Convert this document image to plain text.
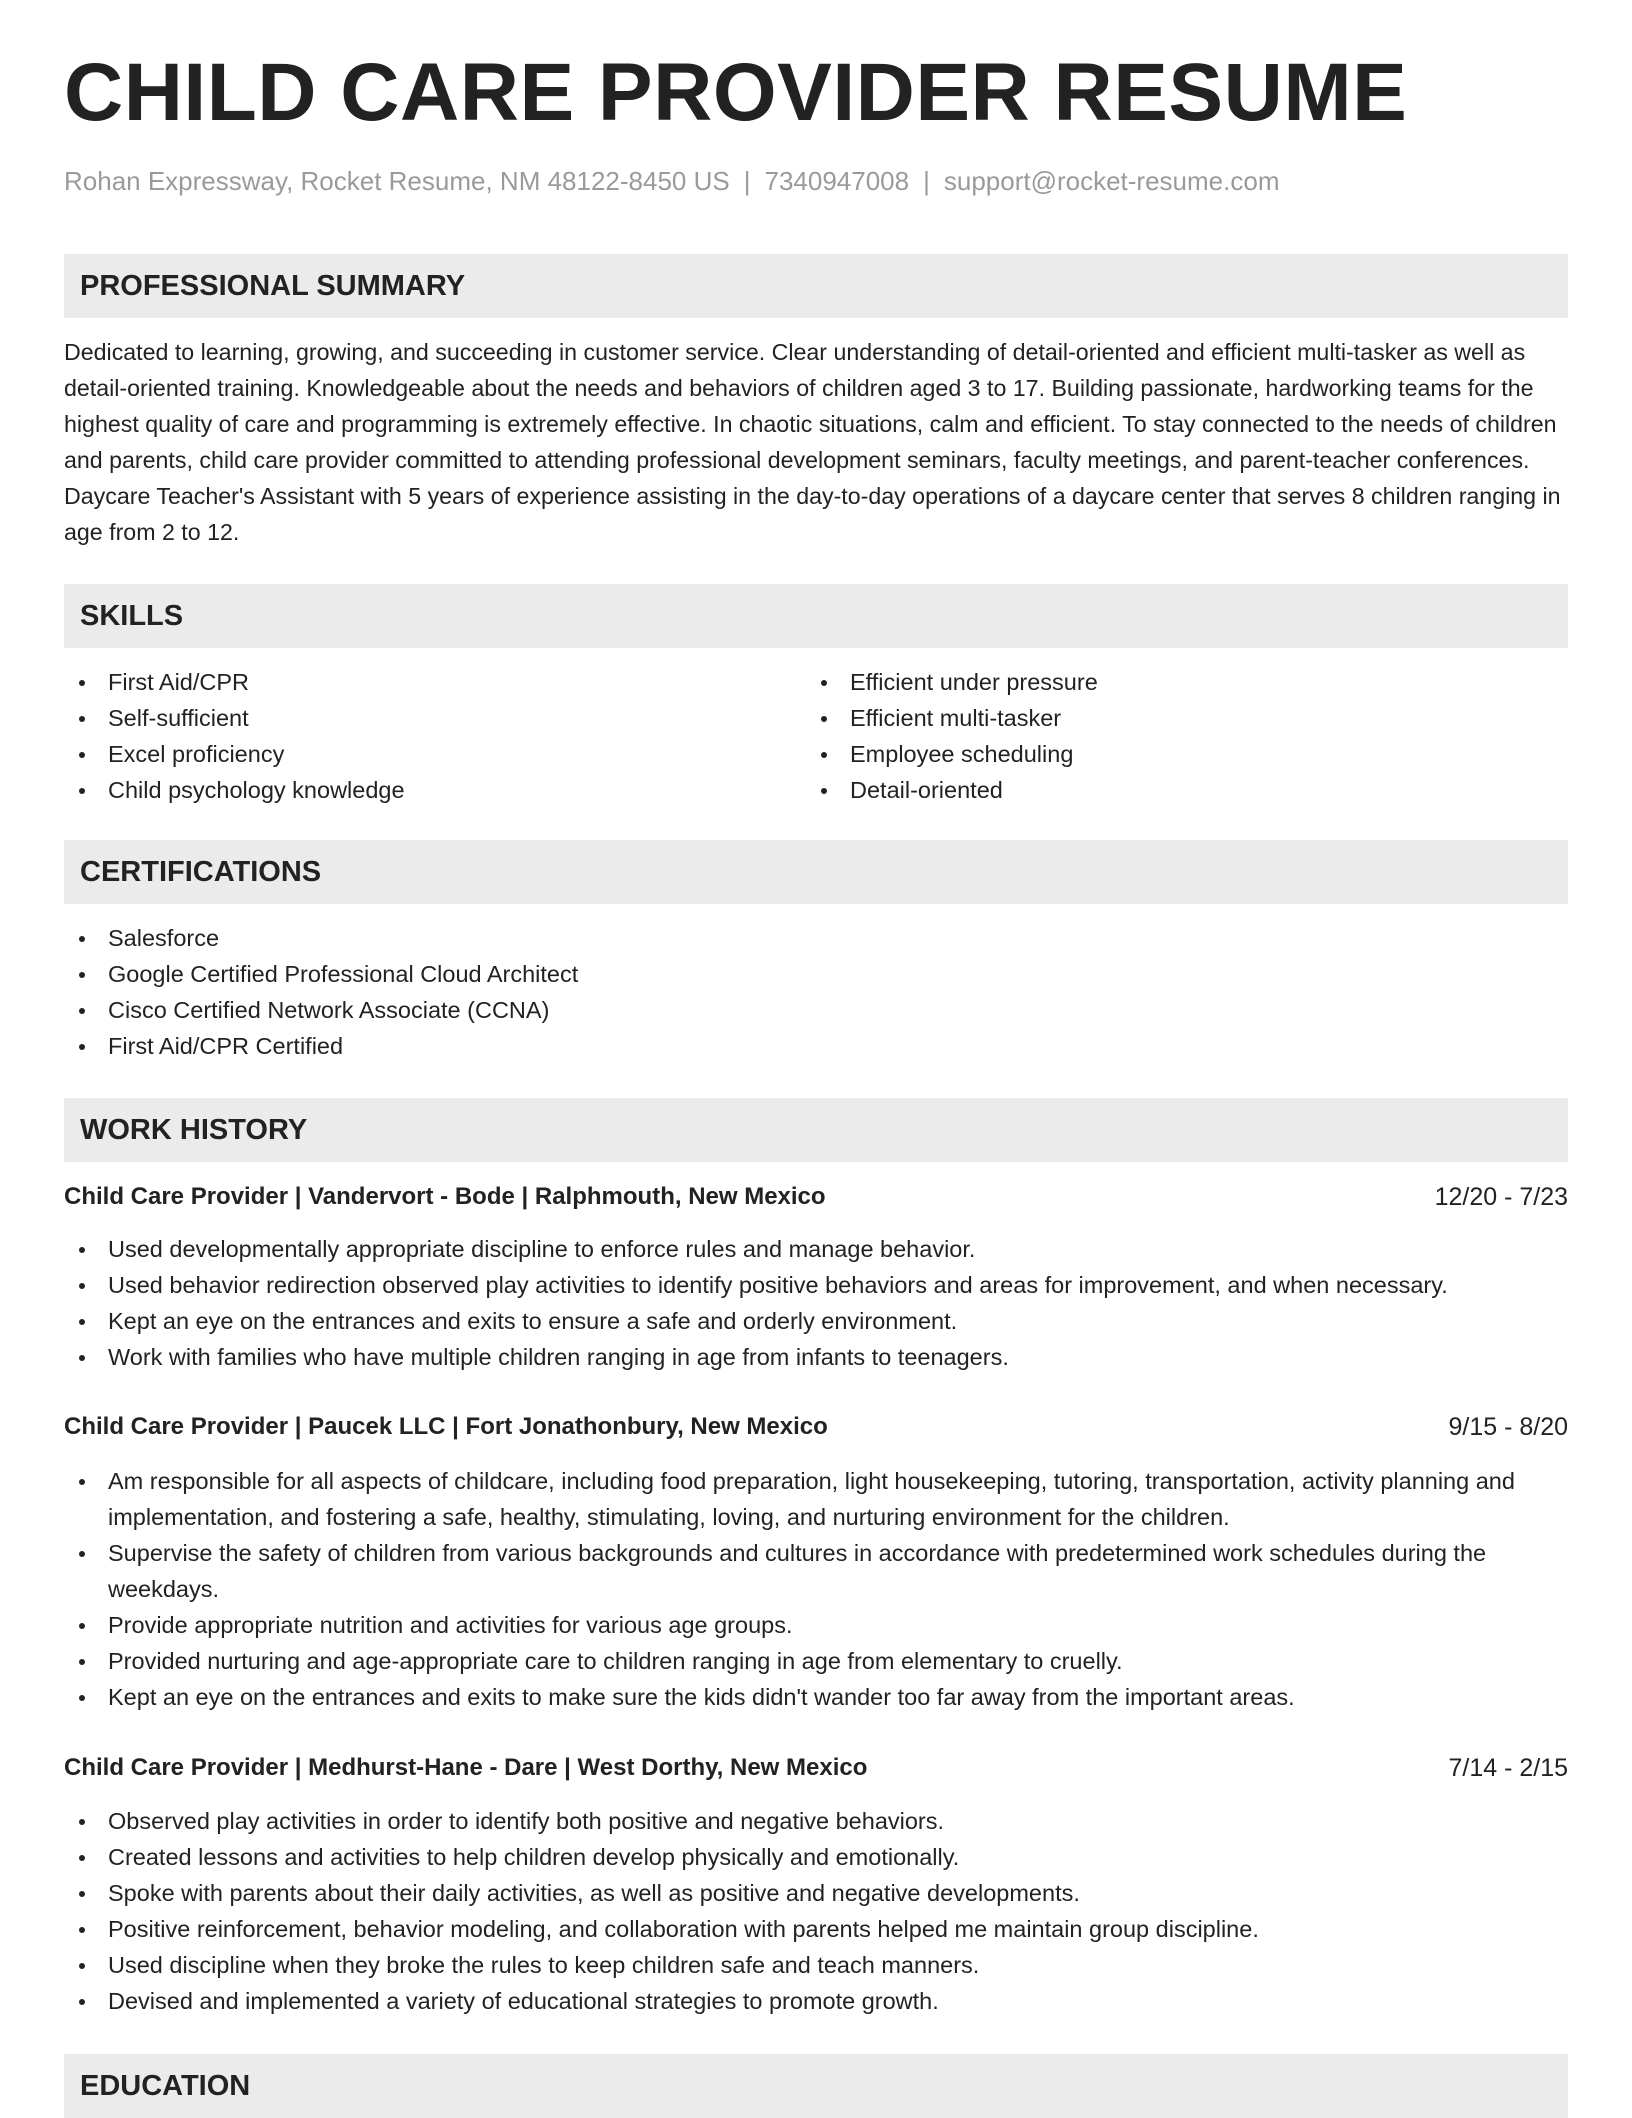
CHILD CARE PROVIDER RESUME
Rohan Expressway, Rocket Resume, NM 48122-8450 US | 7340947008 | support@rocket-resume.com
PROFESSIONAL SUMMARY

Dedicated to learning, growing, and succeeding in customer service. Clear understanding of detail-oriented and efficient multi-tasker as well as detail-oriented training. Knowledgeable about the needs and behaviors of children aged 3 to 17. Building passionate, hardworking teams for the highest quality of care and programming is extremely effective. In chaotic situations, calm and efficient. To stay connected to the needs of children and parents, child care provider committed to attending professional development seminars, faculty meetings, and parent-teacher conferences. Daycare Teacher's Assistant with 5 years of experience assisting in the day-to-day operations of a daycare center that serves 8 children ranging in age from 2 to 12.

SKILLS
First Aid/CPR
Self-sufficient
Excel proficiency
Child psychology knowledge
Efficient under pressure
Efficient multi-tasker
Employee scheduling
Detail-oriented
CERTIFICATIONS
Salesforce
Google Certified Professional Cloud Architect
Cisco Certified Network Associate (CCNA)
First Aid/CPR Certified
WORK HISTORY
Child Care Provider | Vandervort - Bode | Ralphmouth, New Mexico	12/20 - 7/23
Used developmentally appropriate discipline to enforce rules and manage behavior.
Used behavior redirection observed play activities to identify positive behaviors and areas for improvement, and when necessary.
Kept an eye on the entrances and exits to ensure a safe and orderly environment.
Work with families who have multiple children ranging in age from infants to teenagers.
Child Care Provider | Paucek LLC | Fort Jonathonbury, New Mexico	9/15 - 8/20
Am responsible for all aspects of childcare, including food preparation, light housekeeping, tutoring, transportation, activity planning and implementation, and fostering a safe, healthy, stimulating, loving, and nurturing environment for the children.
Supervise the safety of children from various backgrounds and cultures in accordance with predetermined work schedules during the weekdays.
Provide appropriate nutrition and activities for various age groups.
Provided nurturing and age-appropriate care to children ranging in age from elementary to cruelly.
Kept an eye on the entrances and exits to make sure the kids didn't wander too far away from the important areas.
Child Care Provider | Medhurst-Hane - Dare | West Dorthy, New Mexico	7/14 - 2/15
Observed play activities in order to identify both positive and negative behaviors.
Created lessons and activities to help children develop physically and emotionally.
Spoke with parents about their daily activities, as well as positive and negative developments.
Positive reinforcement, behavior modeling, and collaboration with parents helped me maintain group discipline.
Used discipline when they broke the rules to keep children safe and teach manners.
Devised and implemented a variety of educational strategies to promote growth.
EDUCATION
